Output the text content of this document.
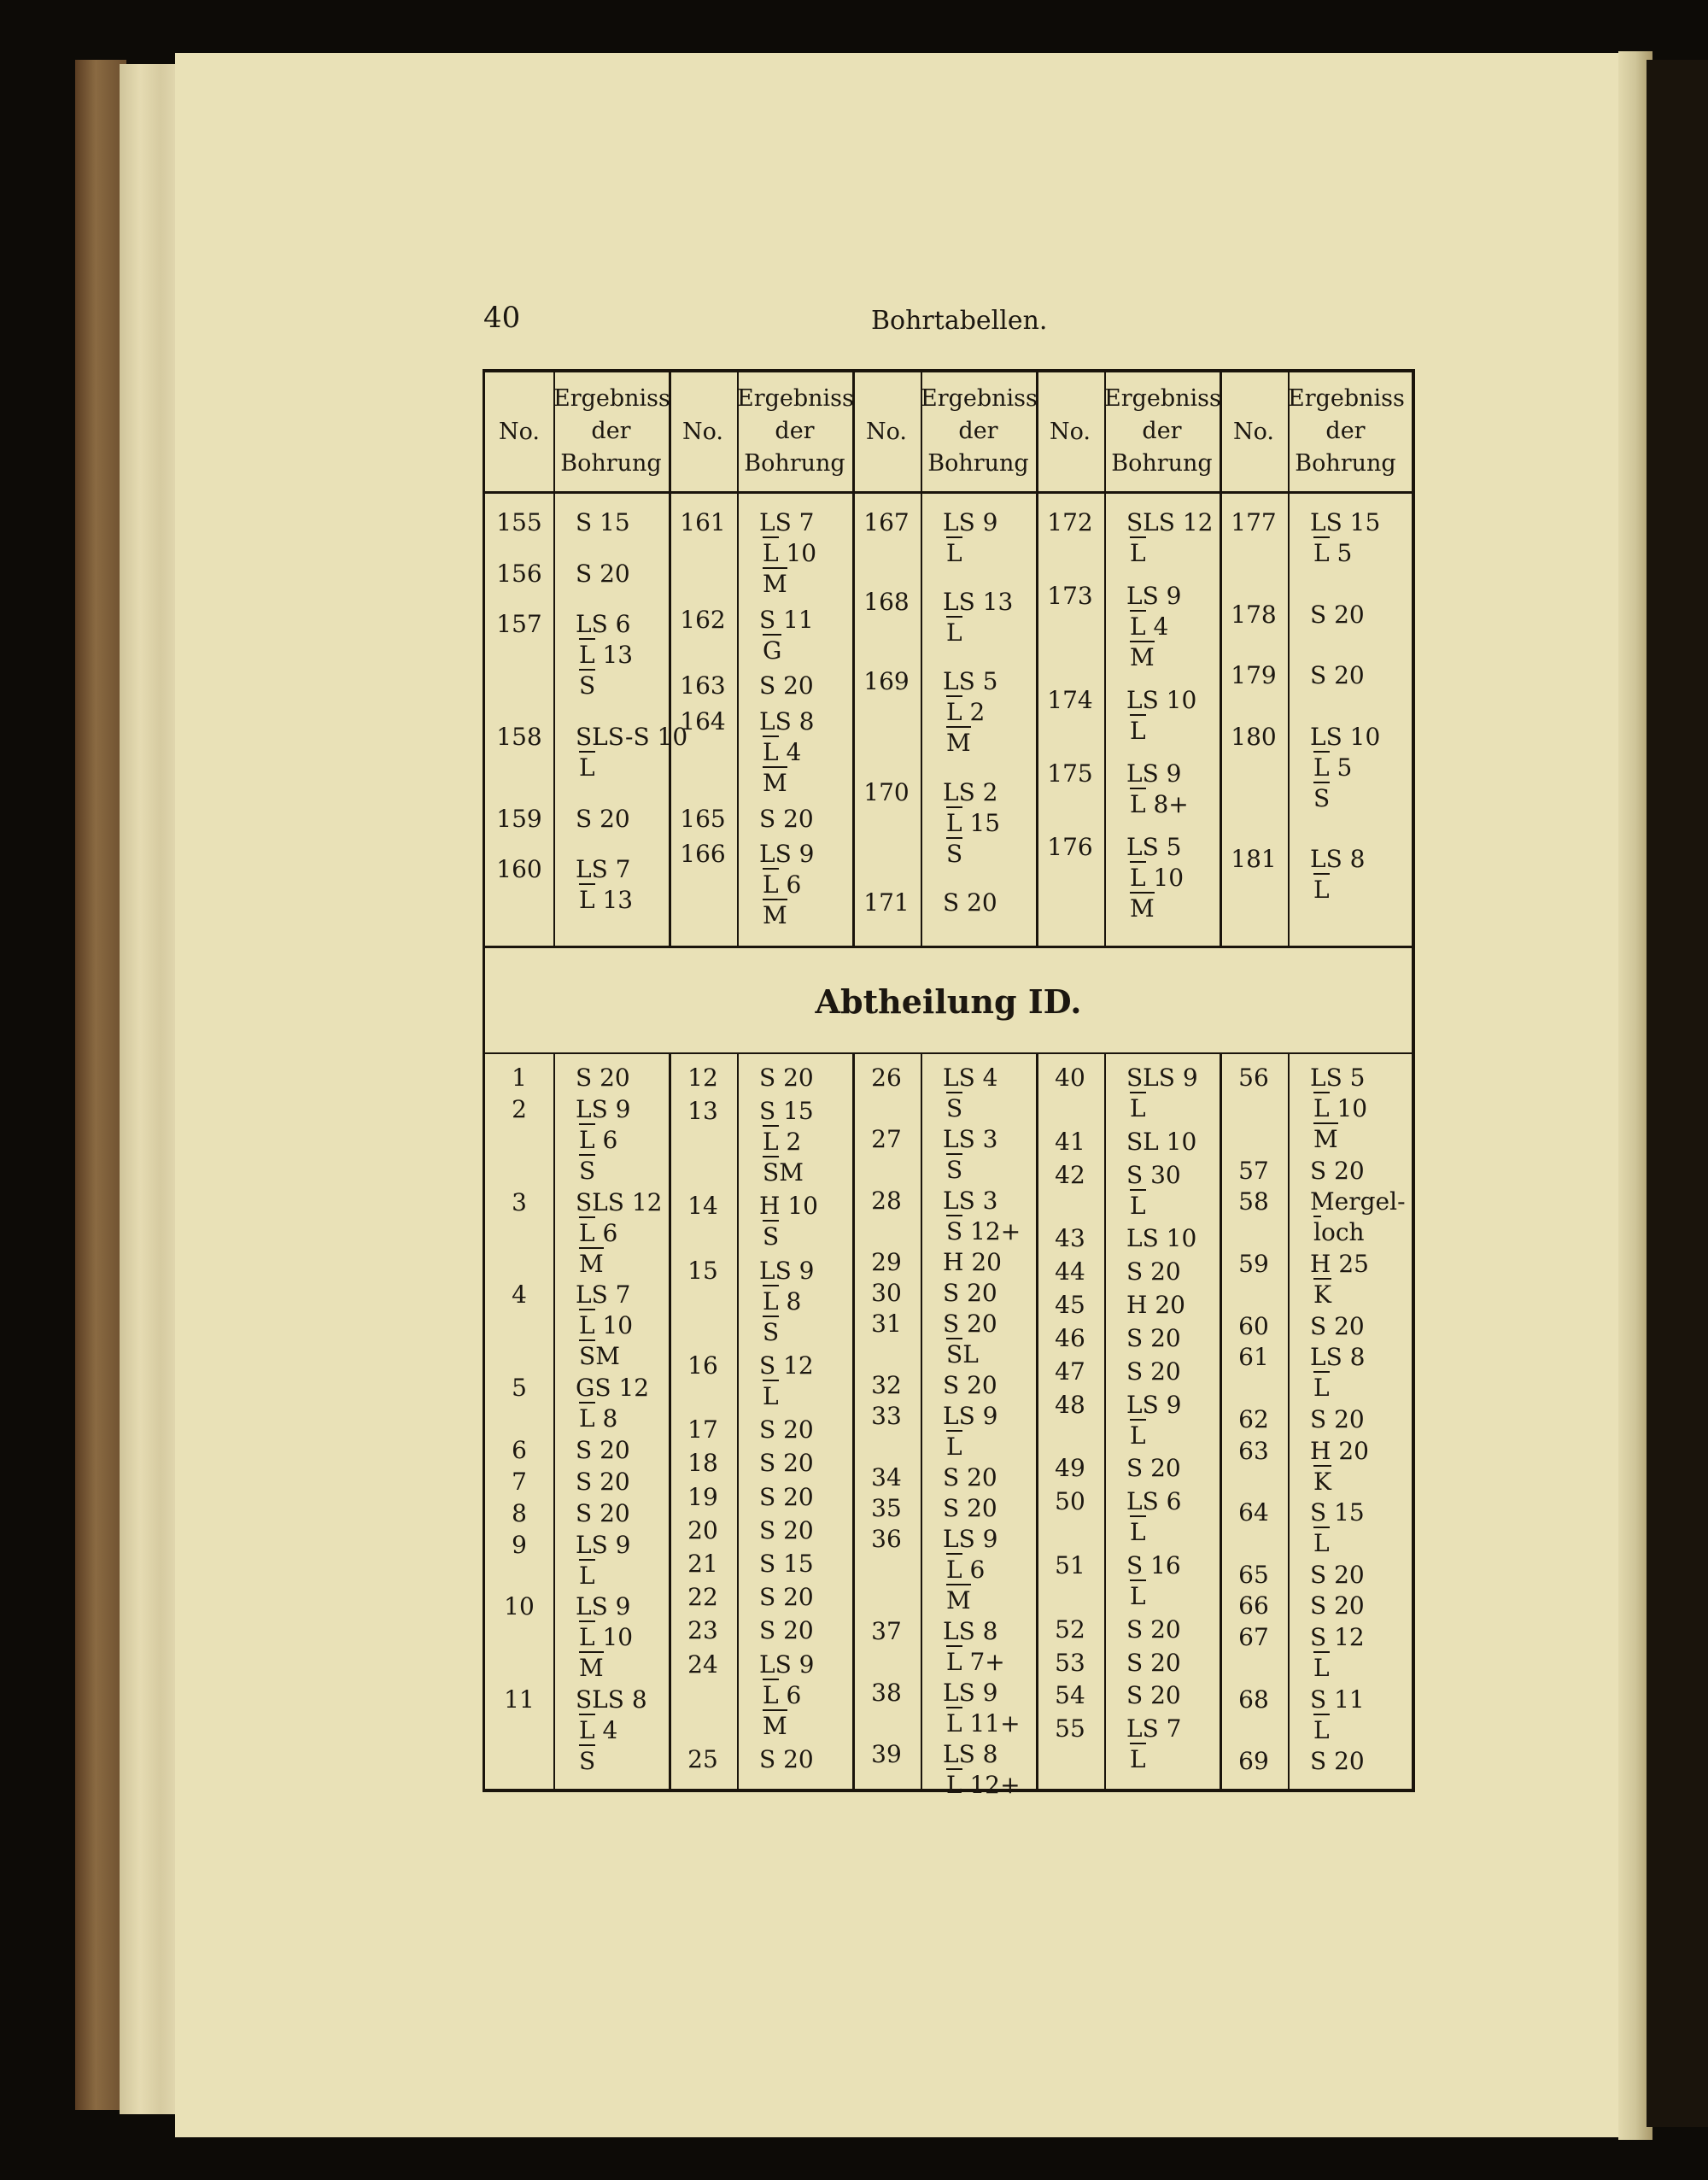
40	Bohrtabellen.
Abtheilung ID.
No.
Ergebniss
der
Bohrung
No.
Ergebniss
der
Bohrung
No.
Ergebniss
der
Bohrung
No.
Ergebniss
der
Bohrung
No.
Ergebniss
der
Bohrung
155	S 15
156	S 20
157	LS 6
L 13
S
158	SLS-S 10
L
159	S 20
160	LS 7
L 13
161	LS 7
L 10
M
162	S 11
G
163	S 20
164	LS 8
L 4
M
165	S 20
166	LS 9
L 6
M
167	LS 9
L
168	LS 13
L
169	LS 5
L 2
M
170	LS 2
L 15
S
171	S 20
172	SLS 12
L
173	LS 9
L 4
M
174	LS 10
L
175	LS 9
L 8+
176	LS 5
L 10
M
177	LS 15
L 5
178	S 20
179	S 20
180	LS 10
L 5
S
181	LS 8
L
1	S 20
2	LS 9
L 6
S
3	SLS 12
L 6
M
4	LS 7
L 10
SM
5	GS 12
L 8
6	S 20
7	S 20
8	S 20
9	LS 9
L
10	LS 9
L 10
M
11	SLS 8
L 4
S
12	S 20
13	S 15
L 2
SM
14	H 10
S
15	LS 9
L 8
S
16	S 12
L
17	S 20
18	S 20
19	S 20
20	S 20
21	S 15
22	S 20
23	S 20
24	LS 9
L 6
M
25	S 20
26	LS 4
S
27	LS 3
S
28	LS 3
S 12+
29	H 20
30	S 20
31	S 20
SL
32	S 20
33	LS 9
L
34	S 20
35	S 20
36	LS 9
L 6
M
37	LS 8
L 7+
38	LS 9
L 11+
39	LS 8
L 12+
40	SLS 9
L
41	SL 10
42	S 30
L
43	LS 10
44	S 20
45	H 20
46	S 20
47	S 20
48	LS 9
L
49	S 20
50	LS 6
L
51	S 16
L
52	S 20
53	S 20
54	S 20
55	LS 7
L
56	LS 5
L 10
M
57	S 20
58	Mergel-
loch
59	H 25
K
60	S 20
61	LS 8
L
62	S 20
63	H 20
K
64	S 15
L
65	S 20
66	S 20
67	S 12
L
68	S 11
L
69	S 20
